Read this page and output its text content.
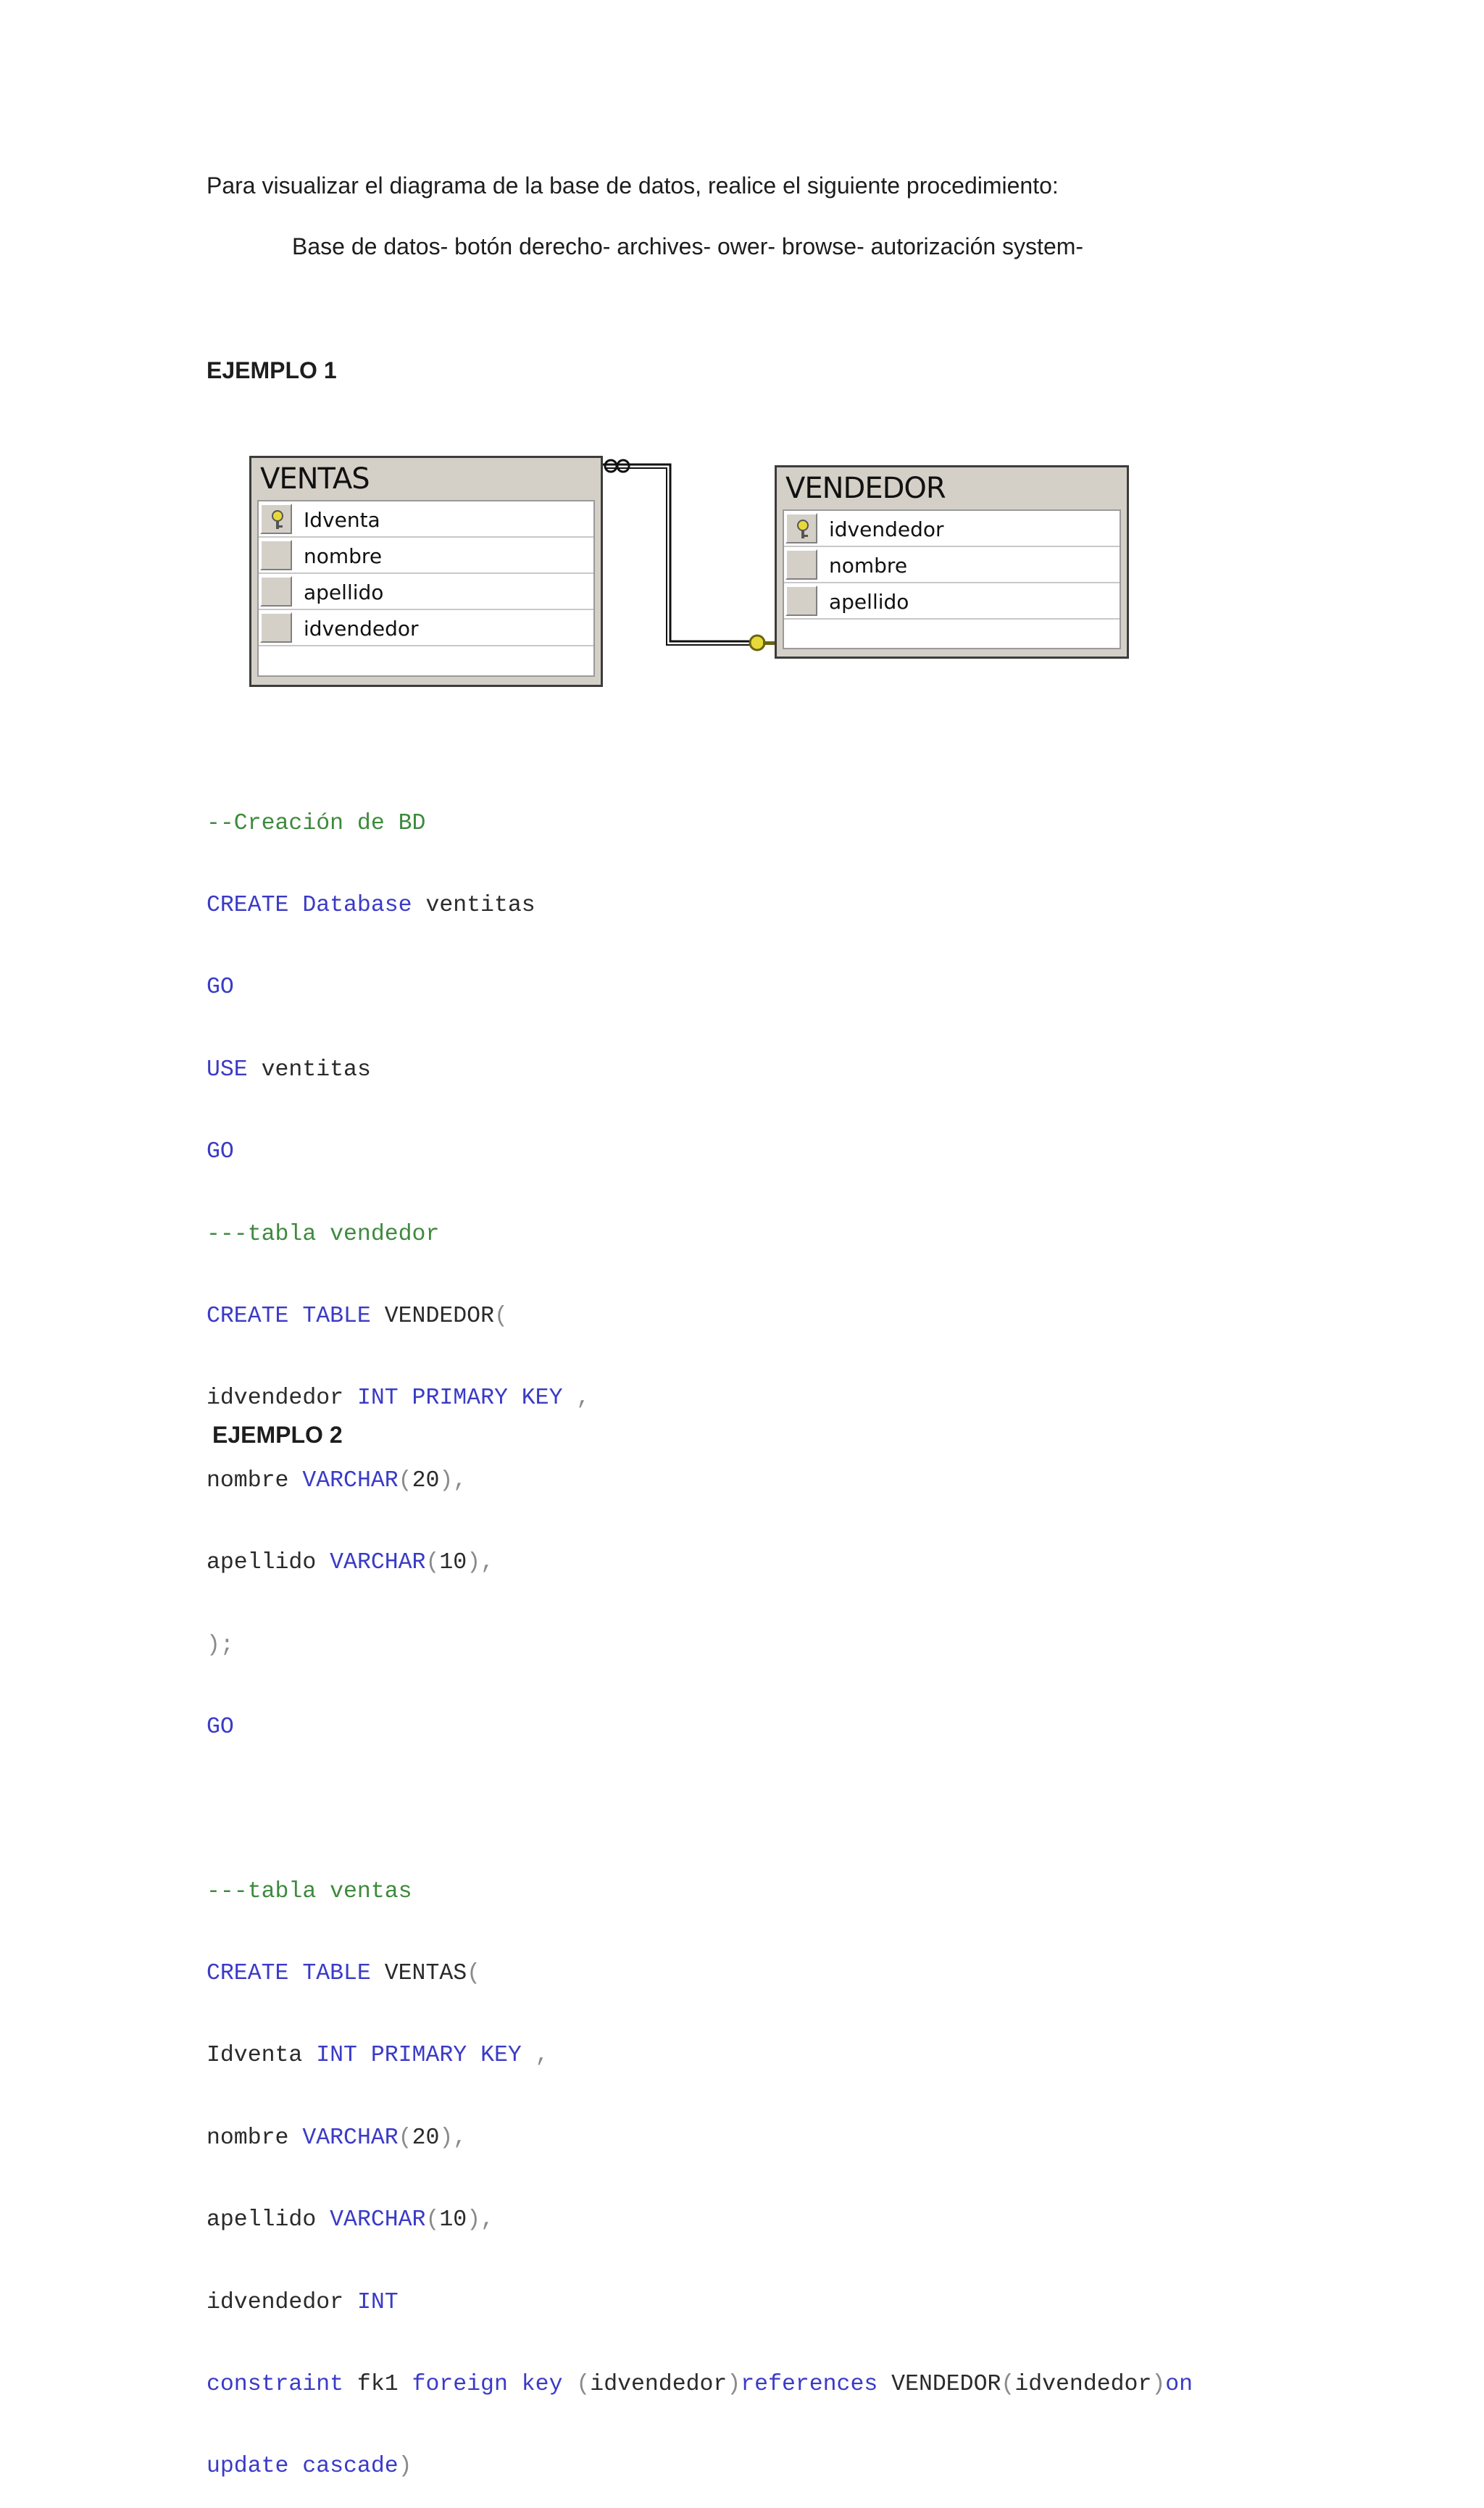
Para visualizar el diagrama de la base de datos, realice el siguiente procedimiento:
Base de datos- botón derecho- archives- ower- browse- autorización system-
EJEMPLO 1
VENTAS
Idventa
nombre
apellido
idvendedor
VENDEDOR
idvendedor
nombre
apellido

--Creación de BD

CREATE Database ventitas

GO

USE ventitas

GO

---tabla vendedor

CREATE TABLE VENDEDOR(

idvendedor INT PRIMARY KEY ,

nombre VARCHAR(20),

apellido VARCHAR(10),

);

GO

---tabla ventas

CREATE TABLE VENTAS(

Idventa INT PRIMARY KEY ,

nombre VARCHAR(20),

apellido VARCHAR(10),

idvendedor INT

constraint fk1 foreign key (idvendedor)references VENDEDOR(idvendedor)on

update cascade)

EJEMPLO 2
